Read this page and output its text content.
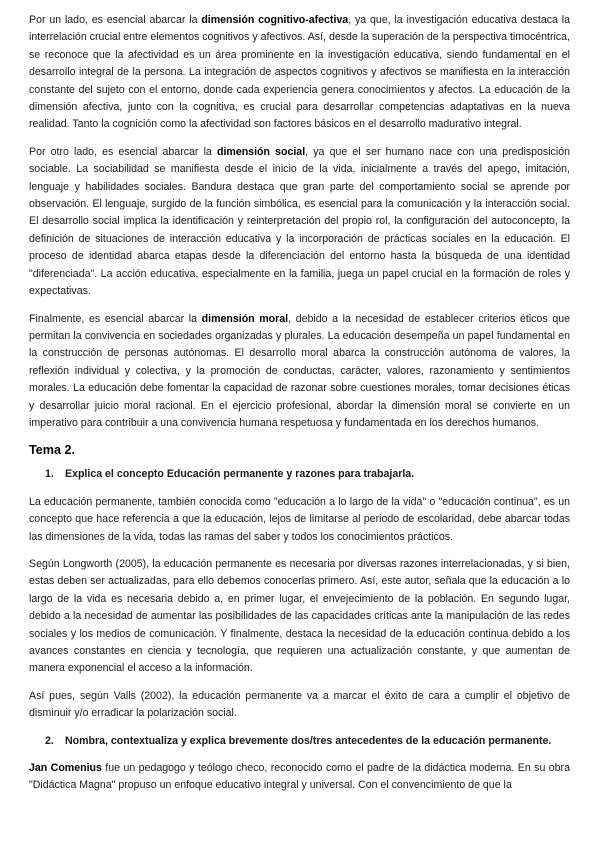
Por un lado, es esencial abarcar la dimensión cognitivo-afectiva, ya que, la investigación educativa destaca la interrelación crucial entre elementos cognitivos y afectivos. Así, desde la superación de la perspectiva timocéntrica, se reconoce que la afectividad es un área prominente en la investigación educativa, siendo fundamental en el desarrollo integral de la persona. La integración de aspectos cognitivos y afectivos se manifiesta en la interacción constante del sujeto con el entorno, donde cada experiencia genera conocimientos y afectos. La educación de la dimensión afectiva, junto con la cognitiva, es crucial para desarrollar competencias adaptativas en la nueva realidad. Tanto la cognición como la afectividad son factores básicos en el desarrollo madurativo integral.

Por otro lado, es esencial abarcar la dimensión social, ya que el ser humano nace con una predisposición sociable. La sociabilidad se manifiesta desde el inicio de la vida, inicialmente a través del apego, imitación, lenguaje y habilidades sociales. Bandura destaca que gran parte del comportamiento social se aprende por observación. El lenguaje, surgido de la función simbólica, es esencial para la comunicación y la interacción social. El desarrollo social implica la identificación y reinterpretación del propio rol, la configuración del autoconcepto, la definición de situaciones de interacción educativa y la incorporación de prácticas sociales en la educación. El proceso de identidad abarca etapas desde la diferenciación del entorno hasta la búsqueda de una identidad "diferenciada". La acción educativa, especialmente en la familia, juega un papel crucial en la formación de roles y expectativas.

Finalmente, es esencial abarcar la dimensión moral, debido a la necesidad de establecer criterios éticos que permitan la convivencia en sociedades organizadas y plurales. La educación desempeña un papel fundamental en la construcción de personas autónomas. El desarrollo moral abarca la construcción autónoma de valores, la reflexión individual y colectiva, y la promoción de conductas, carácter, valores, razonamiento y sentimientos morales. La educación debe fomentar la capacidad de razonar sobre cuestiones morales, tomar decisiones éticas y desarrollar juicio moral racional. En el ejercicio profesional, abordar la dimensión moral se convierte en un imperativo para contribuir a una convivencia humana respetuosa y fundamentada en los derechos humanos.

Tema 2.
1.	Explica el concepto Educación permanente y razones para trabajarla.

La educación permanente, también conocida como "educación a lo largo de la vida" o "educación continua", es un concepto que hace referencia a que la educación, lejos de limitarse al periodo de escolaridad, debe abarcar todas las dimensiones de la vida, todas las ramas del saber y todos los conocimientos prácticos.

Según Longworth (2005), la educación permanente es necesaria por diversas razones interrelacionadas, y si bien, estas deben ser actualizadas, para ello debemos conocerlas primero. Así, este autor, señala que la educación a lo largo de la vida es necesaria debido a, en primer lugar, el envejecimiento de la población. En segundo lugar, debido a la necesidad de aumentar las posibilidades de las capacidades críticas ante la manipulación de las redes sociales y los medios de comunicación. Y finalmente, destaca la necesidad de la educación continua debido a los avances constantes en ciencia y tecnología, que requieren una actualización constante, y que aumentan de manera exponencial el acceso a la información.

Así pues, según Valls (2002), la educación permanente va a marcar el éxito de cara a cumplir el objetivo de disminuir y/o erradicar la polarización social.

2.	Nombra, contextualiza y explica brevemente dos/tres antecedentes de la educación permanente.

Jan Comenius fue un pedagogo y teólogo checo, reconocido como el padre de la didáctica moderna. En su obra "Didáctica Magna" propuso un enfoque educativo integral y universal. Con el convencimiento de que la
